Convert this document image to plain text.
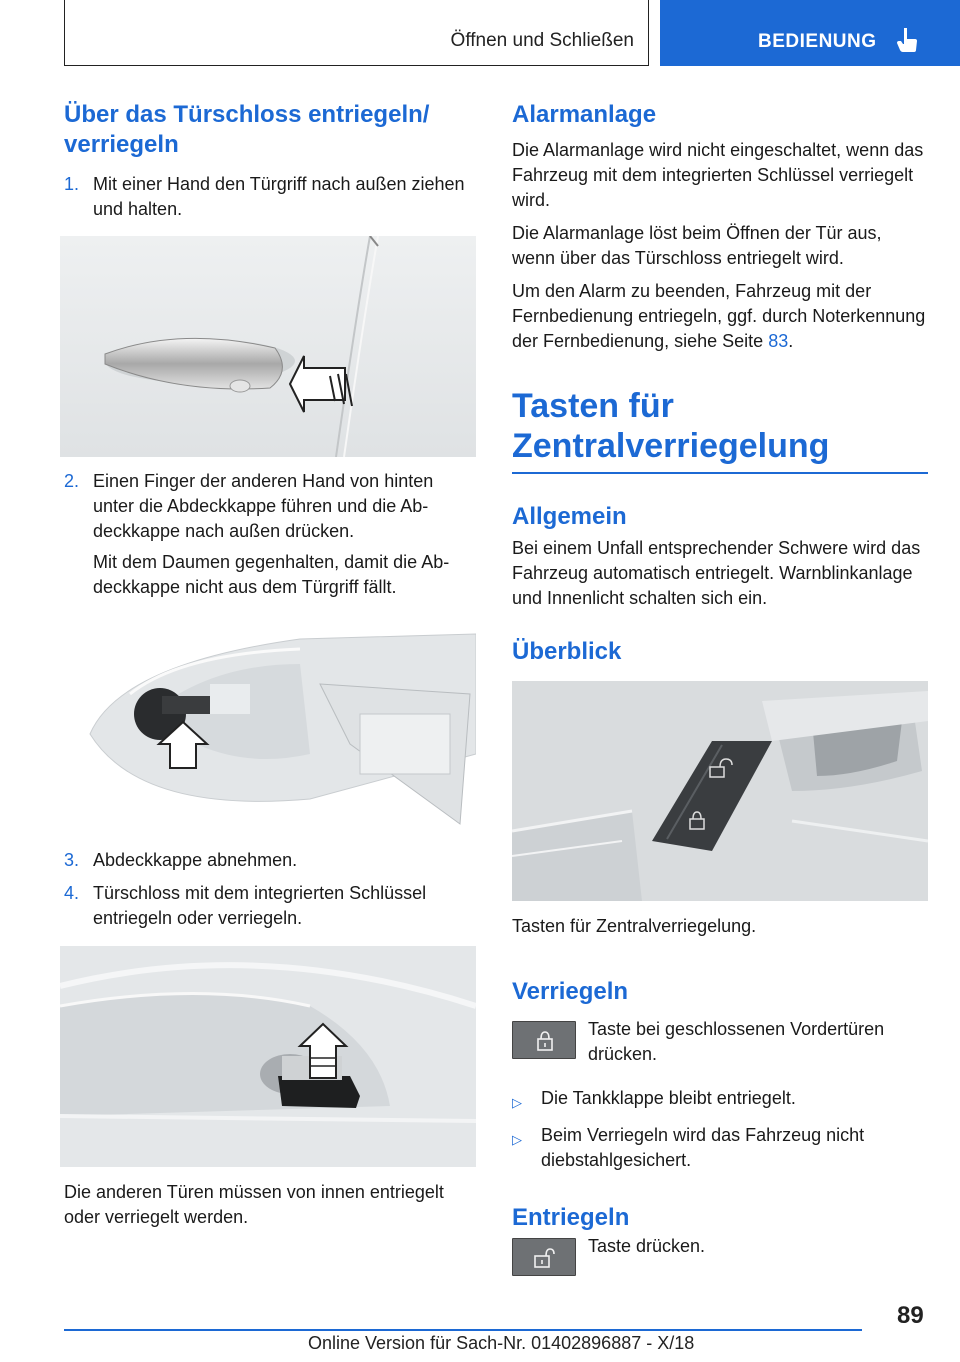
Öffnen und Schließen	BEDIENUNG
Über das Türschloss entriegeln/ verriegeln
1. Mit einer Hand den Türgriff nach außen ziehen und halten.
2. Einen Finger der anderen Hand von hinten unter die Abdeckkappe führen und die Abdeckkappe nach außen drücken.
Mit dem Daumen gegenhalten, damit die Abdeckkappe nicht aus dem Türgriff fällt.
3. Abdeckkappe abnehmen.
4. Türschloss mit dem integrierten Schlüssel entriegeln oder verriegeln.

Die anderen Türen müssen von innen entriegelt oder verriegelt werden.

Alarmanlage

Die Alarmanlage wird nicht eingeschaltet, wenn das Fahrzeug mit dem integrierten Schlüssel verriegelt wird.

Die Alarmanlage löst beim Öffnen der Tür aus, wenn über das Türschloss entriegelt wird.

Um den Alarm zu beenden, Fahrzeug mit der Fernbedienung entriegeln, ggf. durch Noterkennung der Fernbedienung, siehe Seite 83.

Tasten für
Zentralverriegelung
Allgemein

Bei einem Unfall entsprechender Schwere wird das Fahrzeug automatisch entriegelt. Warnblinkanlage und Innenlicht schalten sich ein.

Überblick

Tasten für Zentralverriegelung.

Verriegeln

Taste bei geschlossenen Vordertüren drücken.

▷	Die Tankklappe bleibt entriegelt.
▷	Beim Verriegeln wird das Fahrzeug nicht diebstahlgesichert.
Entriegeln

Taste drücken.

89
Online Version für Sach-Nr. 01402896887 - X/18
